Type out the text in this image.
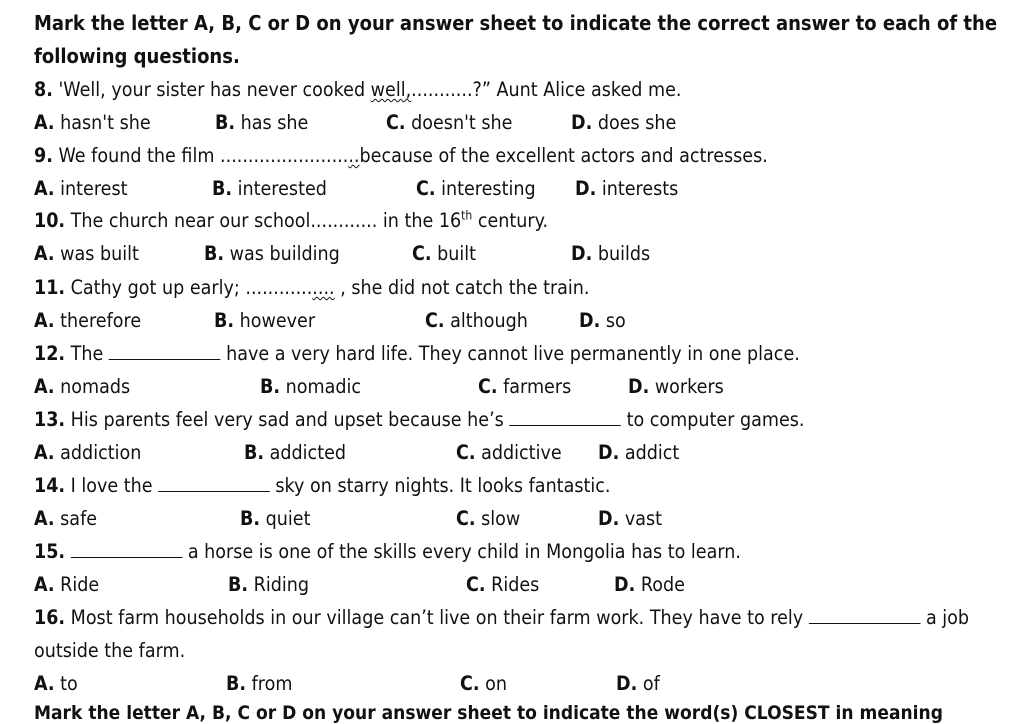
Mark the letter A, B, C or D on your answer sheet to indicate the correct answer to each of the
following questions.
8. 'Well, your sister has never cooked well,...........?” Aunt Alice asked me.
A. hasn't she	B. has she	C. doesn't she	D. does she
9. We found the film .........................because of the excellent actors and actresses.
A. interest	B. interested	C. interesting D. interests
10. The church near our school............ in the 16th century.
A. was built	B. was building	C. built	D. builds
11. Cathy got up early; ................ , she did not catch the train.
A. therefore	B. however	C. although	D. so
12. The	have a very hard life. They cannot live permanently in one place.
A. nomads	B. nomadic	C. farmers	D. workers
13. His parents feel very sad and upset because he’s	to computer games.
A. addiction	B. addicted	C. addictive D. addict
14. I love the	sky on starry nights. It looks fantastic.
A. safe	B. quiet	C. slow	D. vast
15.	a horse is one of the skills every child in Mongolia has to learn.
A. Ride	B. Riding	C. Rides	D. Rode
16. Most farm households in our village can’t live on their farm work. They have to rely	a job
outside the farm.
A. to	B. from	C. on	D. of
Mark the letter A, B, C or D on your answer sheet to indicate the word(s) CLOSEST in meaning
